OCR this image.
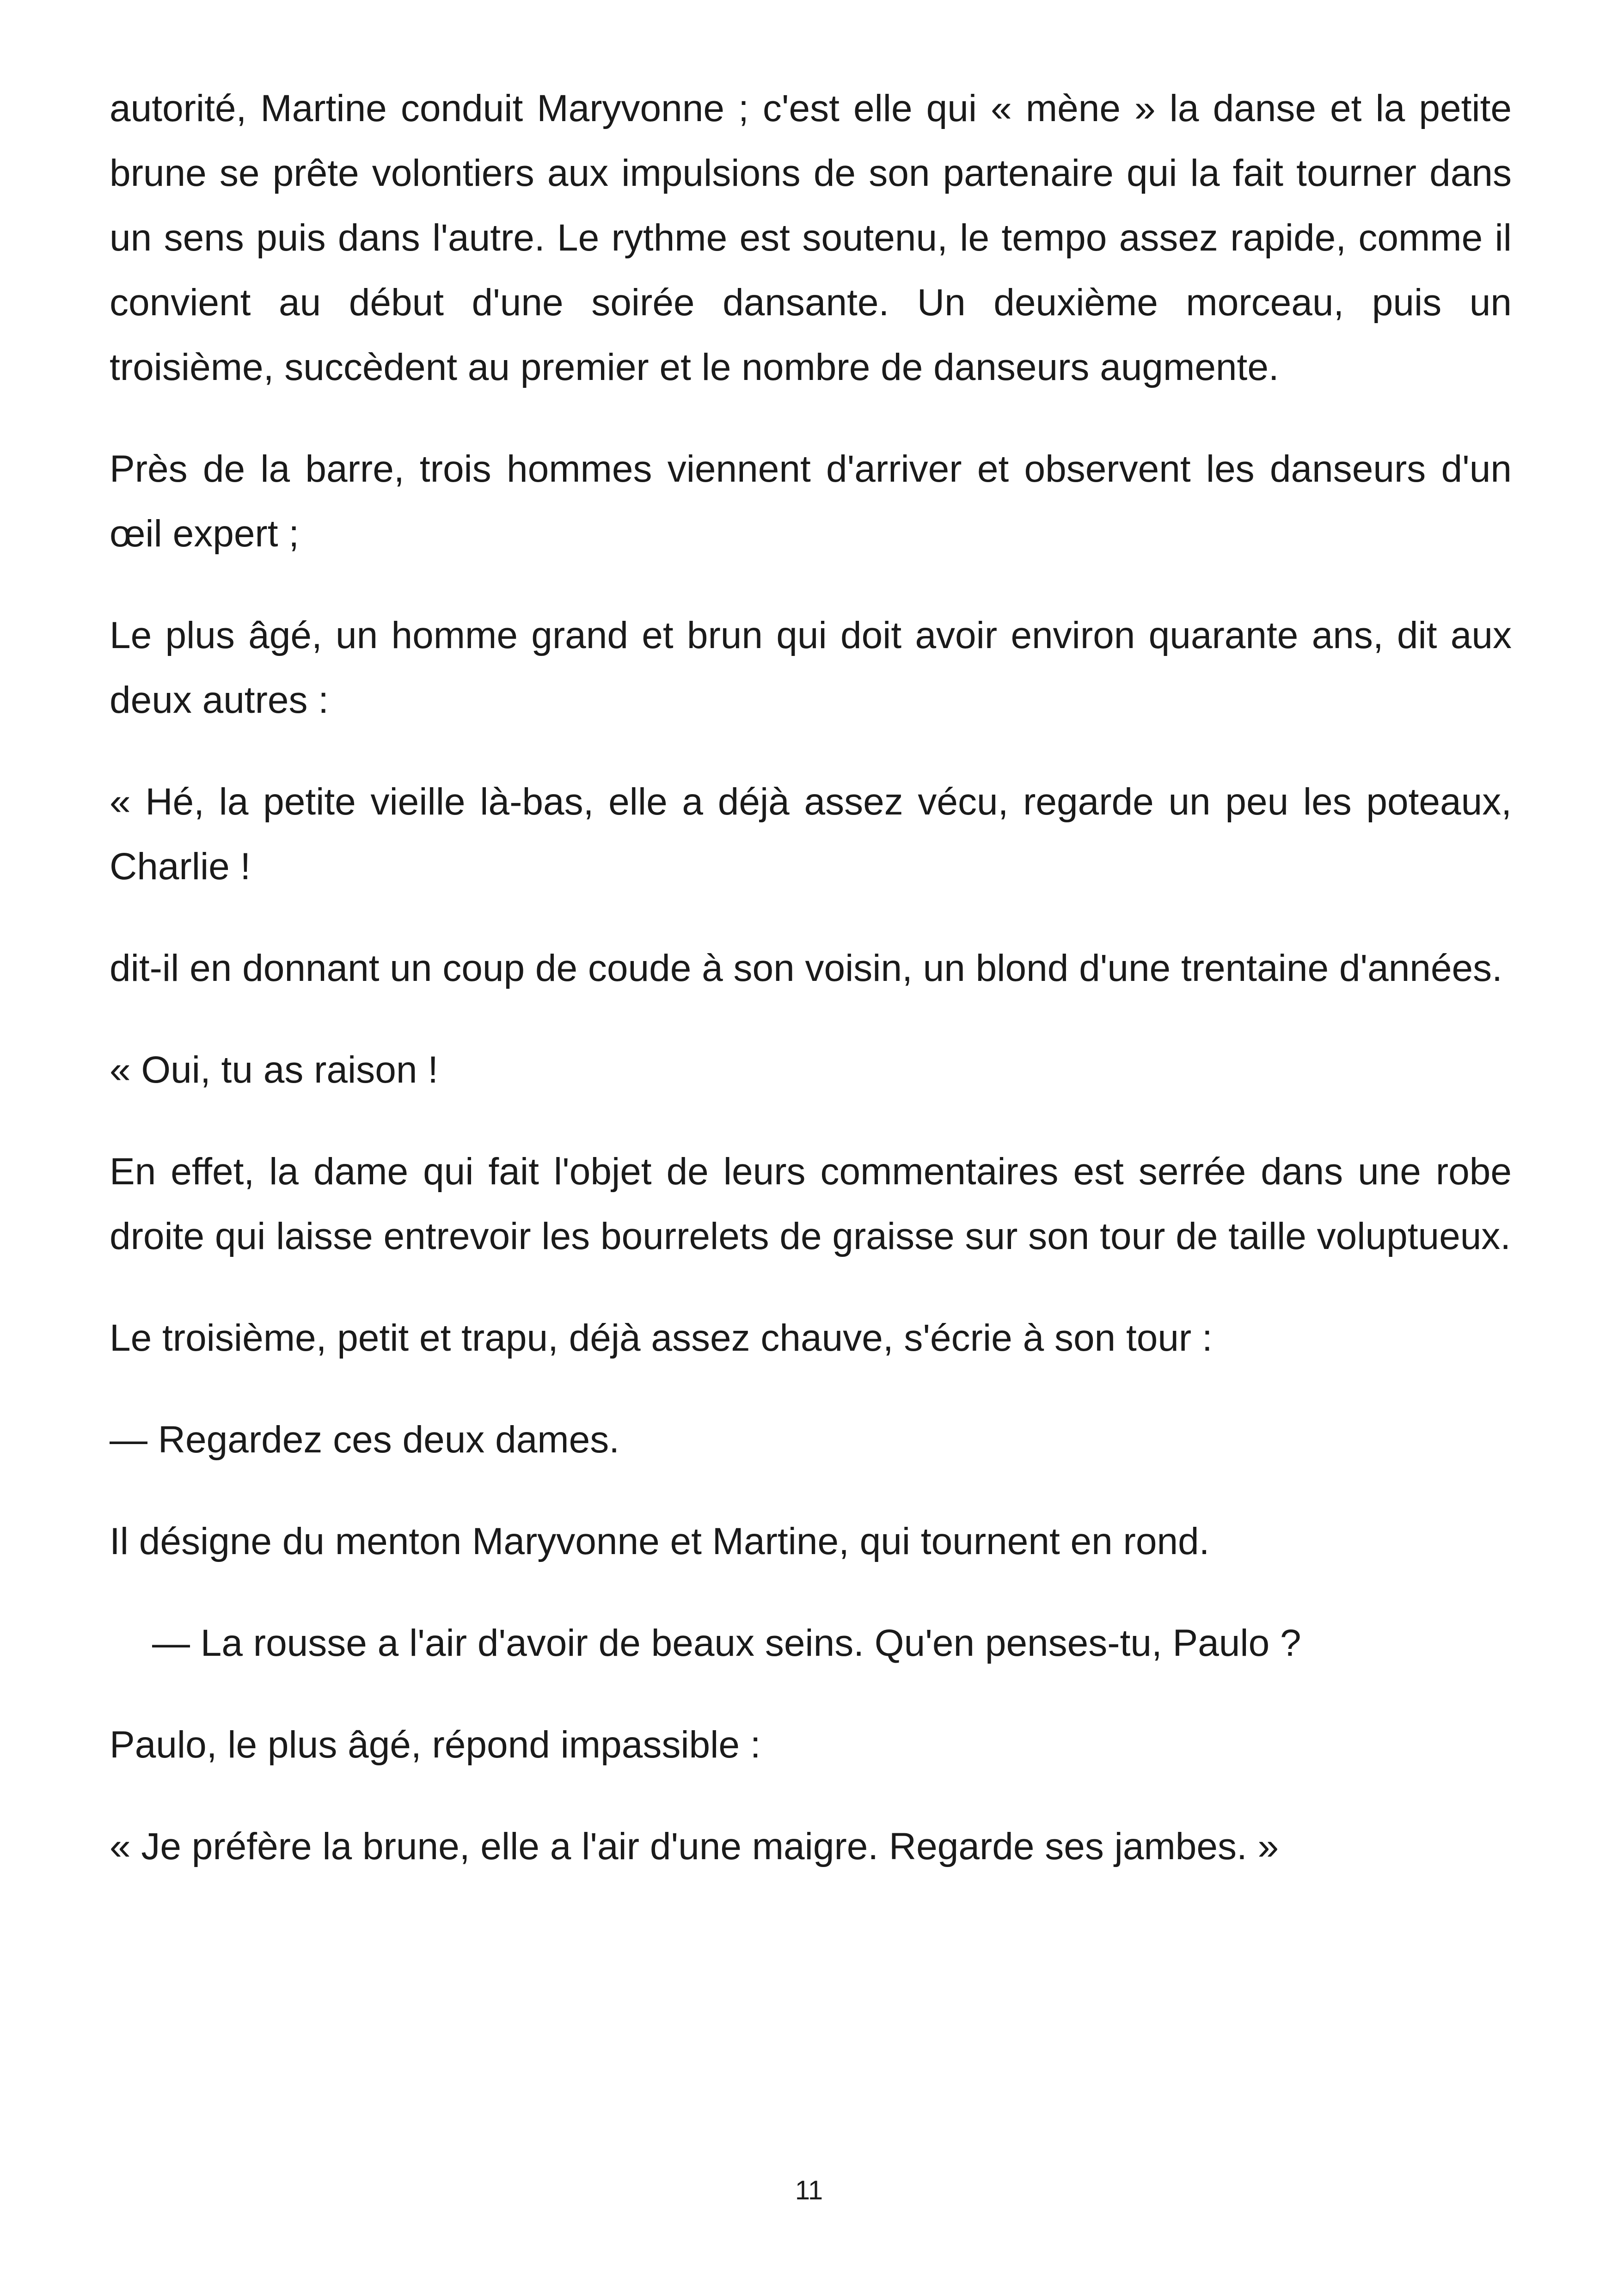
autorité, Martine conduit Maryvonne ; c'est elle qui « mène » la danse et la petite brune se prête volontiers aux impulsions de son partenaire qui la fait tourner dans un sens puis dans l'autre. Le rythme est soutenu, le tempo assez rapide, comme il convient au début d'une soirée dansante. Un deuxième morceau, puis un troisième, succèdent au premier et le nombre de danseurs augmente.

Près de la barre, trois hommes viennent d'arriver et observent les danseurs d'un œil expert ;

Le plus âgé, un homme grand et brun qui doit avoir environ quarante ans, dit aux deux autres :

« Hé, la petite vieille là-bas, elle a déjà assez vécu, regarde un peu les poteaux, Charlie !

dit-il en donnant un coup de coude à son voisin, un blond d'une trentaine d'années.

« Oui, tu as raison !

En effet, la dame qui fait l'objet de leurs commentaires est serrée dans une robe droite qui laisse entrevoir les bourrelets de graisse sur son tour de taille voluptueux.

Le troisième, petit et trapu, déjà assez chauve, s'écrie à son tour :

— Regardez ces deux dames.

Il désigne du menton Maryvonne et Martine, qui tournent en rond.

— La rousse a l'air d'avoir de beaux seins. Qu'en penses-tu, Paulo ?

Paulo, le plus âgé, répond impassible :

« Je préfère la brune, elle a l'air d'une maigre. Regarde ses jambes. »

11
